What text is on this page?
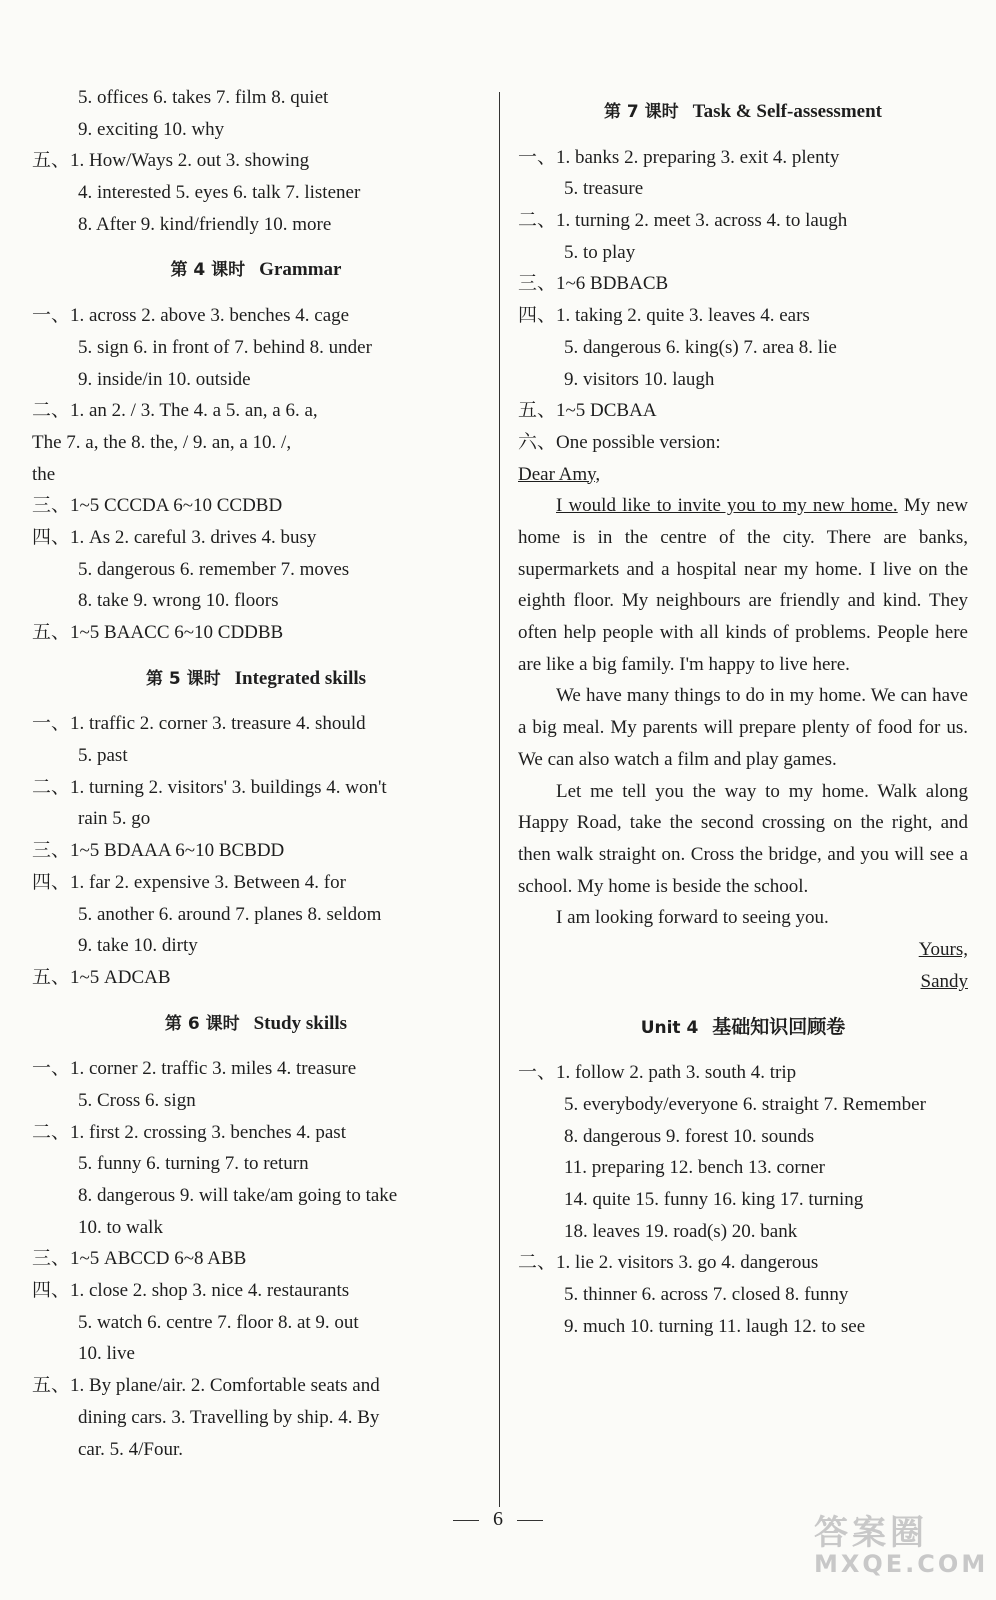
5. offices 6. takes 7. film 8. quiet
9. exciting 10. why
五、1. How/Ways 2. out 3. showing
4. interested 5. eyes 6. talk 7. listener
8. After 9. kind/friendly 10. more
第 4 课时 Grammar
一、1. across 2. above 3. benches 4. cage
5. sign 6. in front of 7. behind 8. under
9. inside/in 10. outside
二、1. an 2. / 3. The 4. a 5. an, a 6. a,
The 7. a, the 8. the, / 9. an, a 10. /,
the
三、1~5 CCCDA 6~10 CCDBD
四、1. As 2. careful 3. drives 4. busy
5. dangerous 6. remember 7. moves
8. take 9. wrong 10. floors
五、1~5 BAACC 6~10 CDDBB
第 5 课时 Integrated skills
一、1. traffic 2. corner 3. treasure 4. should
5. past
二、1. turning 2. visitors' 3. buildings 4. won't
rain 5. go
三、1~5 BDAAA 6~10 BCBDD
四、1. far 2. expensive 3. Between 4. for
5. another 6. around 7. planes 8. seldom
9. take 10. dirty
五、1~5 ADCAB
第 6 课时 Study skills
一、1. corner 2. traffic 3. miles 4. treasure
5. Cross 6. sign
二、1. first 2. crossing 3. benches 4. past
5. funny 6. turning 7. to return
8. dangerous 9. will take/am going to take
10. to walk
三、1~5 ABCCD 6~8 ABB
四、1. close 2. shop 3. nice 4. restaurants
5. watch 6. centre 7. floor 8. at 9. out
10. live
五、1. By plane/air. 2. Comfortable seats and
dining cars. 3. Travelling by ship. 4. By
car. 5. 4/Four.
第 7 课时 Task & Self-assessment
一、1. banks 2. preparing 3. exit 4. plenty
5. treasure
二、1. turning 2. meet 3. across 4. to laugh
5. to play
三、1~6 BDBACB
四、1. taking 2. quite 3. leaves 4. ears
5. dangerous 6. king(s) 7. area 8. lie
9. visitors 10. laugh
五、1~5 DCBAA
六、One possible version:
Dear Amy,
I would like to invite you to my new home. My new home is in the centre of the city. There are banks, supermarkets and a hospital near my home. I live on the eighth floor. My neighbours are friendly and kind. They often help people with all kinds of problems. People here are like a big family. I'm happy to live here.
We have many things to do in my home. We can have a big meal. My parents will prepare plenty of food for us. We can also watch a film and play games.
Let me tell you the way to my home. Walk along Happy Road, take the second crossing on the right, and then walk straight on. Cross the bridge, and you will see a school. My home is beside the school.
I am looking forward to seeing you.
Yours,
Sandy
Unit 4 基础知识回顾卷
一、1. follow 2. path 3. south 4. trip
5. everybody/everyone 6. straight 7. Remember
8. dangerous 9. forest 10. sounds
11. preparing 12. bench 13. corner
14. quite 15. funny 16. king 17. turning
18. leaves 19. road(s) 20. bank
二、1. lie 2. visitors 3. go 4. dangerous
5. thinner 6. across 7. closed 8. funny
9. much 10. turning 11. laugh 12. to see
6	答案圈
MXQE.COM
